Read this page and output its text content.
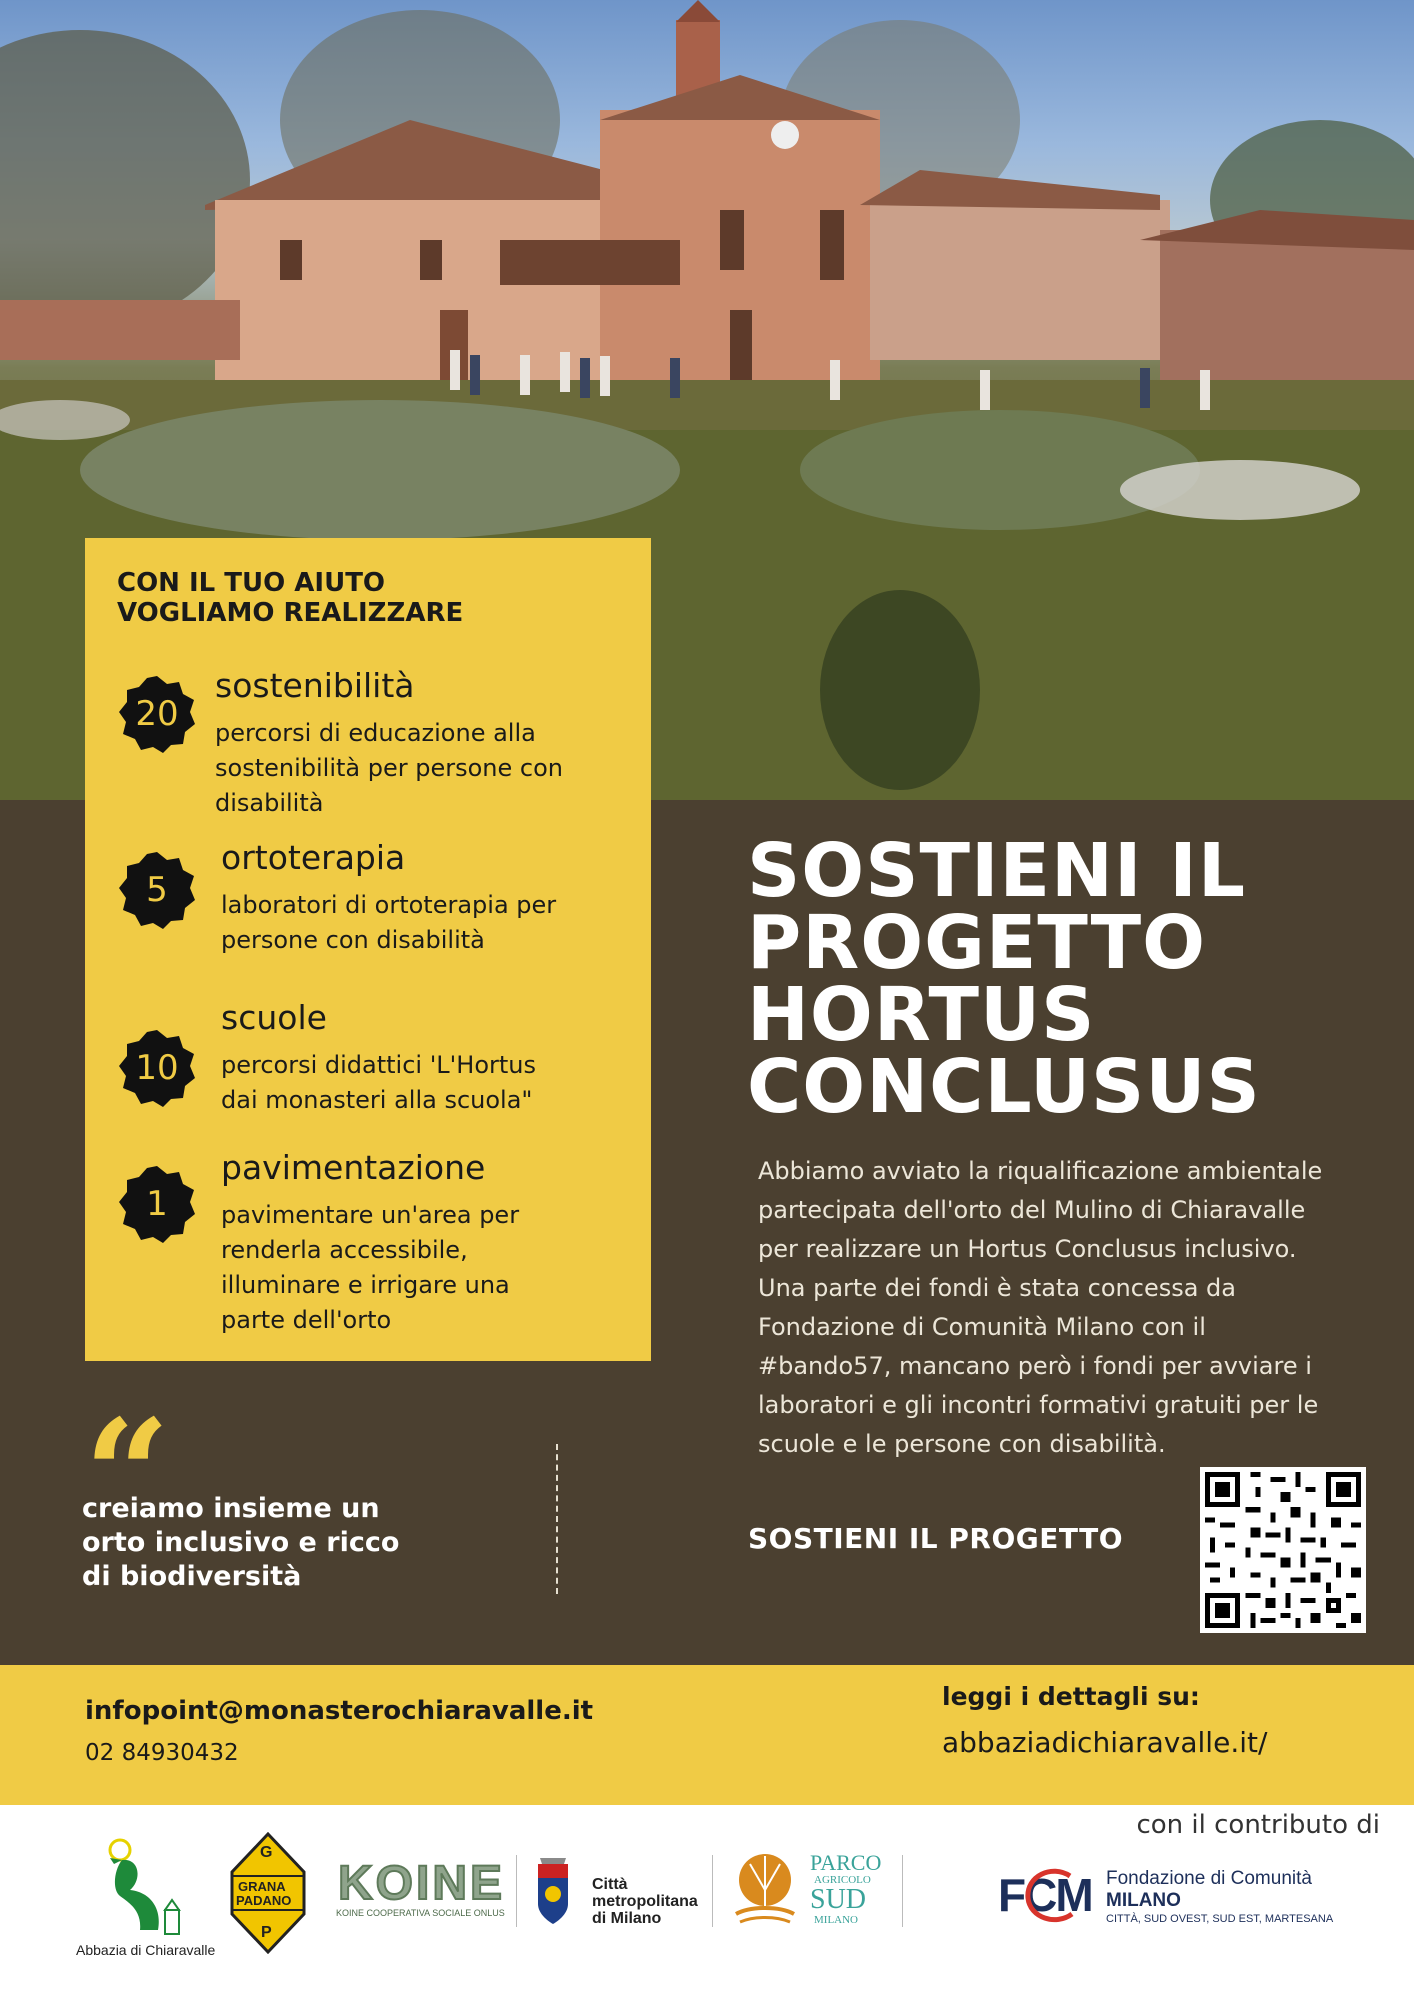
CON IL TUO AIUTO
VOGLIAMO REALIZZARE
20
sostenibilità
percorsi di educazione alla
sostenibilità per persone con
disabilità
5
ortoterapia
laboratori di ortoterapia per
persone con disabilità
10
scuole
percorsi didattici 'L'Hortus
dai monasteri alla scuola"
1
pavimentazione
pavimentare un'area per
renderla accessibile,
illuminare e irrigare una
parte dell'orto
SOSTIENI IL
PROGETTO
HORTUS
CONCLUSUS
Abbiamo avviato la riqualificazione ambientale
partecipata dell'orto del Mulino di Chiaravalle
per realizzare un Hortus Conclusus inclusivo.
Una parte dei fondi è stata concessa da
Fondazione di Comunità Milano con il
#bando57, mancano però i fondi per avviare i
laboratori e gli incontri formativi gratuiti per le
scuole e le persone con disabilità.
“
creiamo insieme un
orto inclusivo e ricco
di biodiversità
SOSTIENI IL PROGETTO
infopoint@monasterochiaravalle.it
02 84930432
leggi i dettagli su:
abbaziadichiaravalle.it/
con il contributo di
Abbazia di Chiaravalle
G
GRANA
PADANO
P
KOINE
KOINE COOPERATIVA SOCIALE ONLUS
Città
metropolitana
di Milano
PARCO
AGRICOLO
SUD
MILANO	FCM Fondazione di Comunità
MILANO
CITTÀ, SUD OVEST, SUD EST, MARTESANA
